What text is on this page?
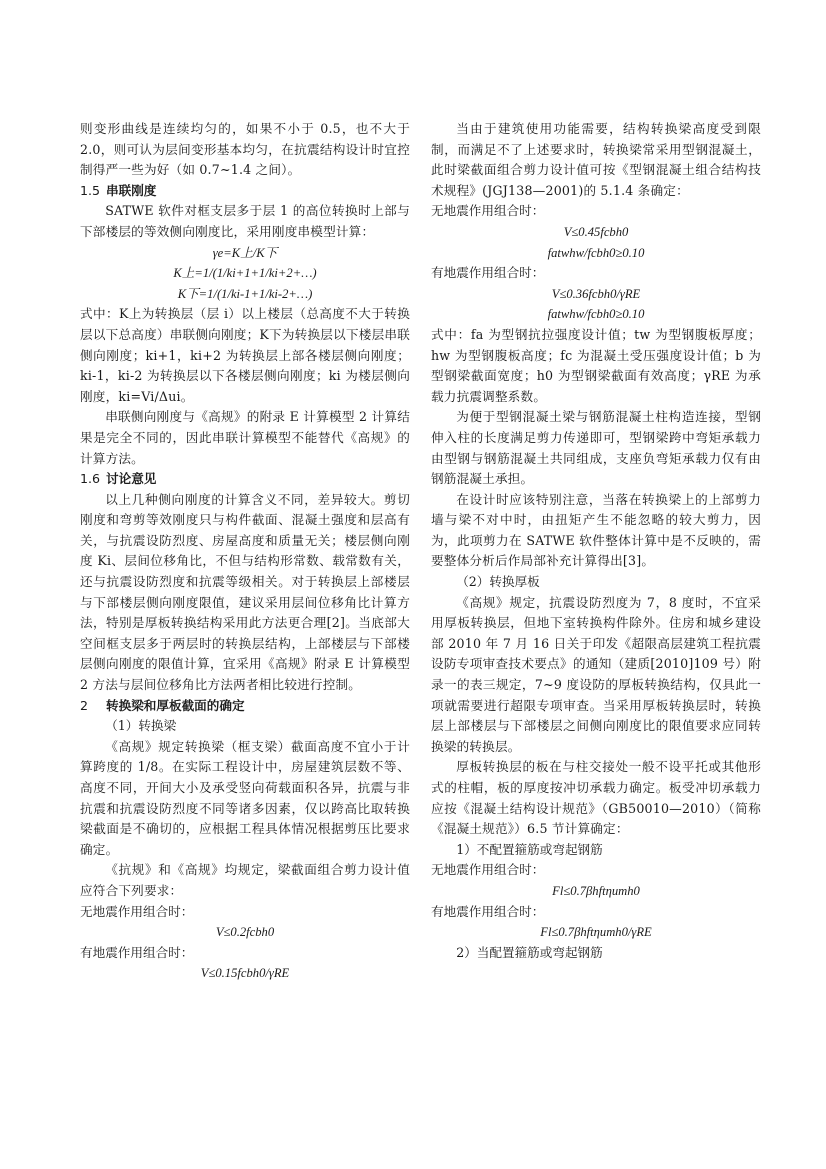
则变形曲线是连续均匀的，如果不小于 0.5，也不大于 2.0，则可认为层间变形基本均匀，在抗震结构设计时宜控制得严一些为好（如 0.7~1.4 之间）。

1.5 串联刚度

SATWE 软件对框支层多于层 1 的高位转换时上部与下部楼层的等效侧向刚度比，采用刚度串模型计算：

γe=K上/K下
K上=1/(1/ki+1+1/ki+2+…)
K下=1/(1/ki-1+1/ki-2+…)

式中：K上为转换层（层 i）以上楼层（总高度不大于转换层以下总高度）串联侧向刚度；K下为转换层以下楼层串联侧向刚度；ki+1，ki+2 为转换层上部各楼层侧向刚度；ki-1，ki-2 为转换层以下各楼层侧向刚度；ki 为楼层侧向刚度，ki=Vi/Δui。

串联侧向刚度与《高规》的附录 E 计算模型 2 计算结果是完全不同的，因此串联计算模型不能替代《高规》的计算方法。

1.6 讨论意见

以上几种侧向刚度的计算含义不同，差异较大。剪切刚度和弯剪等效刚度只与构件截面、混凝土强度和层高有关，与抗震设防烈度、房屋高度和质量无关；楼层侧向刚度 Ki、层间位移角比，不但与结构形常数、载常数有关，还与抗震设防烈度和抗震等级相关。对于转换层上部楼层与下部楼层侧向刚度限值，建议采用层间位移角比计算方法，特别是厚板转换结构采用此方法更合理[2]。当底部大空间框支层多于两层时的转换层结构，上部楼层与下部楼层侧向刚度的限值计算，宜采用《高规》附录 E 计算模型 2 方法与层间位移角比方法两者相比较进行控制。

2 转换梁和厚板截面的确定
（1）转换梁

《高规》规定转换梁（框支梁）截面高度不宜小于计算跨度的 1/8。在实际工程设计中，房屋建筑层数不等、高度不同，开间大小及承受竖向荷载面积各异，抗震与非抗震和抗震设防烈度不同等诸多因素，仅以跨高比取转换梁截面是不确切的，应根据工程具体情况根据剪压比要求确定。

《抗规》和《高规》均规定，梁截面组合剪力设计值应符合下列要求：

无地震作用组合时：
V≤0.2fcbh0
有地震作用组合时：
V≤0.15fcbh0/γRE

当由于建筑使用功能需要，结构转换梁高度受到限制，而满足不了上述要求时，转换梁常采用型钢混凝土，此时梁截面组合剪力设计值可按《型钢混凝土组合结构技术规程》(JGJ138—2001)的 5.1.4 条确定：

无地震作用组合时：
V≤0.45fcbh0
fatwhw/fcbh0≥0.10
有地震作用组合时：
V≤0.36fcbh0/γRE
fatwhw/fcbh0≥0.10

式中：fa 为型钢抗拉强度设计值；tw 为型钢腹板厚度；hw 为型钢腹板高度；fc 为混凝土受压强度设计值；b 为型钢梁截面宽度；h0 为型钢梁截面有效高度；γRE 为承载力抗震调整系数。

为便于型钢混凝土梁与钢筋混凝土柱构造连接，型钢伸入柱的长度满足剪力传递即可，型钢梁跨中弯矩承载力由型钢与钢筋混凝土共同组成，支座负弯矩承载力仅有由钢筋混凝土承担。

在设计时应该特别注意，当落在转换梁上的上部剪力墙与梁不对中时，由扭矩产生不能忽略的较大剪力，因为，此项剪力在 SATWE 软件整体计算中是不反映的，需要整体分析后作局部补充计算得出[3]。

（2）转换厚板

《高规》规定，抗震设防烈度为 7，8 度时，不宜采用厚板转换层，但地下室转换构件除外。住房和城乡建设部 2010 年 7 月 16 日关于印发《超限高层建筑工程抗震设防专项审查技术要点》的通知（建质[2010]109 号）附录一的表三规定，7~9 度设防的厚板转换结构，仅具此一项就需要进行超限专项审查。当采用厚板转换层时，转换层上部楼层与下部楼层之间侧向刚度比的限值要求应同转换梁的转换层。

厚板转换层的板在与柱交接处一般不设平托或其他形式的柱帽，板的厚度按冲切承载力确定。板受冲切承载力应按《混凝土结构设计规范》（GB50010—2010）（简称《混凝土规范》）6.5 节计算确定：

1）不配置箍筋或弯起钢筋
无地震作用组合时：
Fl≤0.7βhftηumh0
有地震作用组合时：
Fl≤0.7βhftηumh0/γRE
2）当配置箍筋或弯起钢筋
